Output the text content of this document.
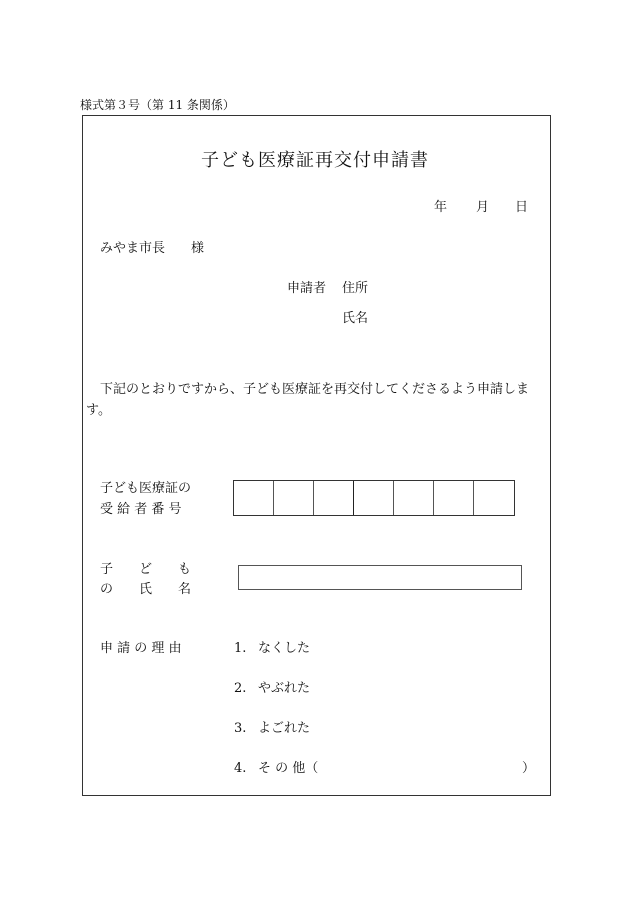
様式第３号（第 11 条関係）
子ども医療証再交付申請書
年 月 日
みやま市長　　様
申請者 住所
氏名
下記のとおりですから、子ども医療証を再交付してくださるよう申請しま
す。
子ども医療証の
受 給 者 番 号
子　　ど　　も
の　　氏　　名
申 請 の 理 由	1. なくした
2. やぶれた
3. よごれた
4. そ の 他（	）
